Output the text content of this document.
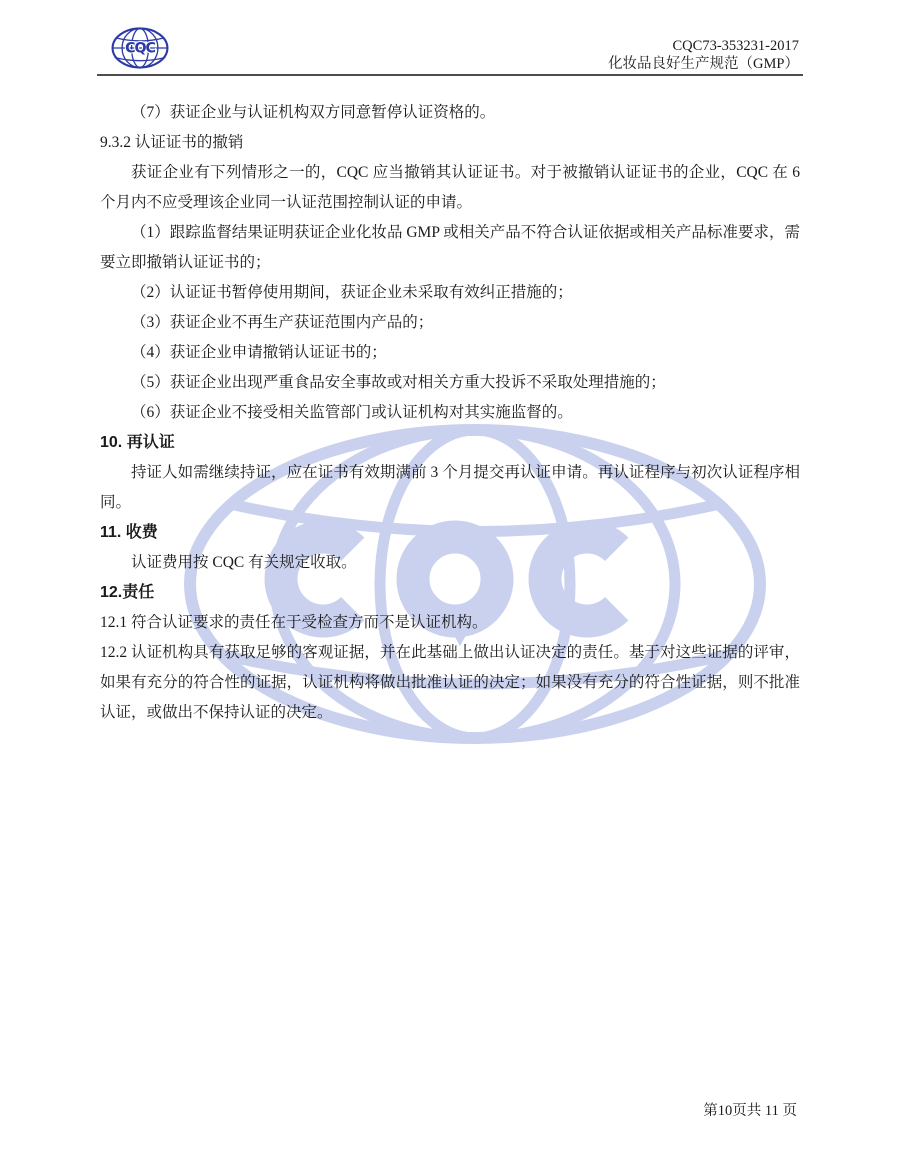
CQC	CQC73-353231-2017
化妆品良好生产规范（GMP）

（7）获证企业与认证机构双方同意暂停认证资格的。

9.3.2 认证证书的撤销

获证企业有下列情形之一的，CQC 应当撤销其认证证书。对于被撤销认证证书的企业，CQC 在 6 个月内不应受理该企业同一认证范围控制认证的申请。

（1）跟踪监督结果证明获证企业化妆品 GMP 或相关产品不符合认证依据或相关产品标准要求，需要立即撤销认证证书的；

（2）认证证书暂停使用期间，获证企业未采取有效纠正措施的；

（3）获证企业不再生产获证范围内产品的；

（4）获证企业申请撤销认证证书的；

（5）获证企业出现严重食品安全事故或对相关方重大投诉不采取处理措施的；

（6）获证企业不接受相关监管部门或认证机构对其实施监督的。

10. 再认证

持证人如需继续持证，应在证书有效期满前 3 个月提交再认证申请。再认证程序与初次认证程序相同。

11. 收费

认证费用按 CQC 有关规定收取。

12.责任

12.1 符合认证要求的责任在于受检查方而不是认证机构。

12.2 认证机构具有获取足够的客观证据，并在此基础上做出认证决定的责任。基于对这些证据的评审，如果有充分的符合性的证据，认证机构将做出批准认证的决定；如果没有充分的符合性证据，则不批准认证，或做出不保持认证的决定。

第10页共 11 页
